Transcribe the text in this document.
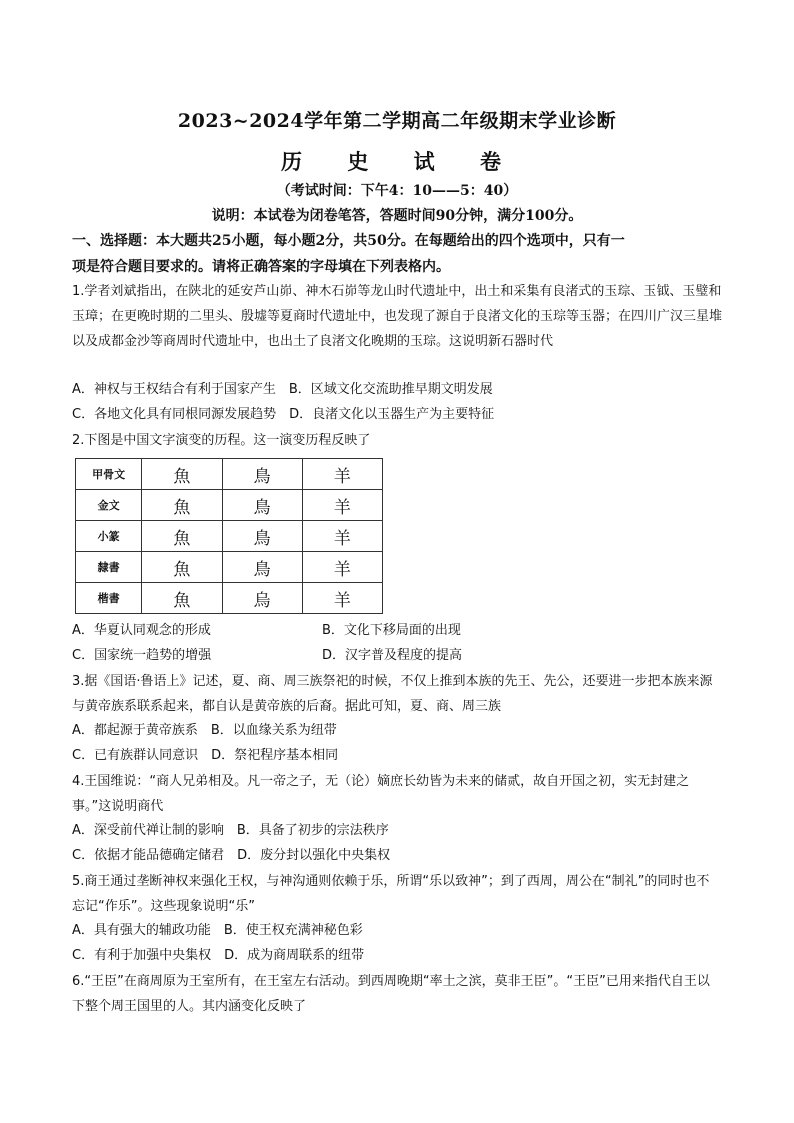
2023~2024学年第二学期高二年级期末学业诊断
历 史 试 卷
（考试时间：下午4：10——5：40）
说明：本试卷为闭卷笔答，答题时间90分钟，满分100分。
一、选择题：本大题共25小题，每小题2分，共50分。在每题给出的四个选项中，只有一
项是符合题目要求的。请将正确答案的字母填在下列表格内。
1.学者刘斌指出，在陕北的延安芦山峁、神木石峁等龙山时代遗址中，出土和采集有良渚式的玉琮、玉钺、玉璧和玉璋；在更晚时期的二里头、殷墟等夏商时代遗址中，也发现了源自于良渚文化的玉琮等玉器；在四川广汉三星堆以及成都金沙等商周时代遗址中，也出土了良渚文化晚期的玉琮。这说明新石器时代
A．神权与王权结合有利于国家产生　B．区域文化交流助推早期文明发展
C．各地文化具有同根同源发展趋势　D．良渚文化以玉器生产为主要特征
2.下图是中国文字演变的历程。这一演变历程反映了
甲骨文	魚	鳥	羊
金文	魚	鳥	羊
小篆	魚	鳥	羊
隸書	魚	鳥	羊
楷書	魚	烏	羊
A．华夏认同观念的形成	B．文化下移局面的出现
C．国家统一趋势的增强	D．汉字普及程度的提高
3.据《国语·鲁语上》记述，夏、商、周三族祭祀的时候，不仅上推到本族的先王、先公，还要进一步把本族来源与黄帝族系联系起来，都自认是黄帝族的后裔。据此可知，夏、商、周三族
A．都起源于黄帝族系　B．以血缘关系为纽带
C．已有族群认同意识　D．祭祀程序基本相同
4.王国维说：“商人兄弟相及。凡一帝之子，无（论）嫡庶长幼皆为未来的储贰，故自开国之初，实无封建之事。”这说明商代
A．深受前代禅让制的影响　B．具备了初步的宗法秩序
C．依据才能品德确定储君　D．废分封以强化中央集权
5.商王通过垄断神权来强化王权，与神沟通则依赖于乐，所谓“乐以致神”；到了西周，周公在“制礼”的同时也不忘记“作乐”。这些现象说明“乐”
A．具有强大的辅政功能　B．使王权充满神秘色彩
C．有利于加强中央集权　D．成为商周联系的纽带
6.“王臣”在商周原为王室所有，在王室左右活动。到西周晚期“率土之滨，莫非王臣”。“王臣”已用来指代自王以下整个周王国里的人。其内涵变化反映了
